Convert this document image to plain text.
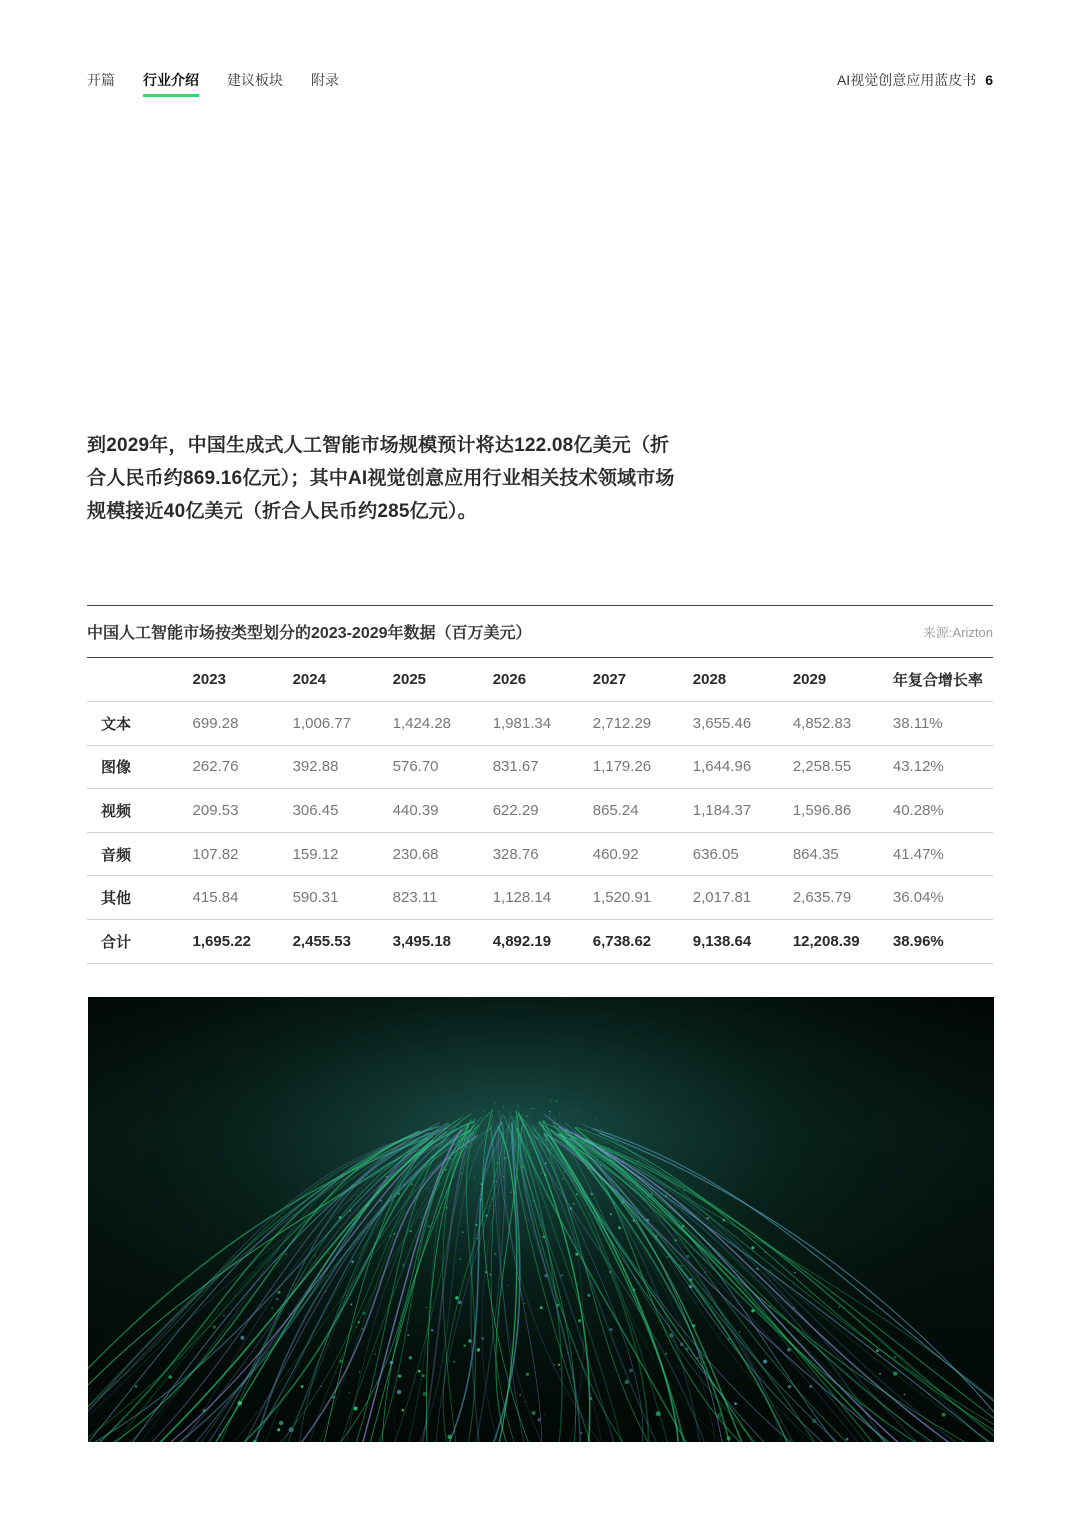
开篇 行业介绍 建议板块 附录	AI视觉创意应用蓝皮书 6

到2029年，中国生成式人工智能市场规模预计将达122.08亿美元（折合人民币约869.16亿元）；其中AI视觉创意应用行业相关技术领域市场规模接近40亿美元（折合人民币约285亿元）。

中国人工智能市场按类型划分的2023-2029年数据（百万美元）	来源:Arizton
	2023	2024	2025	2026	2027	2028	2029	年复合增长率
文本	699.28	1,006.77	1,424.28	1,981.34	2,712.29	3,655.46	4,852.83	38.11%
图像	262.76	392.88	576.70	831.67	1,179.26	1,644.96	2,258.55	43.12%
视频	209.53	306.45	440.39	622.29	865.24	1,184.37	1,596.86	40.28%
音频	107.82	159.12	230.68	328.76	460.92	636.05	864.35	41.47%
其他	415.84	590.31	823.11	1,128.14	1,520.91	2,017.81	2,635.79	36.04%
合计	1,695.22	2,455.53	3,495.18	4,892.19	6,738.62	9,138.64	12,208.39	38.96%
